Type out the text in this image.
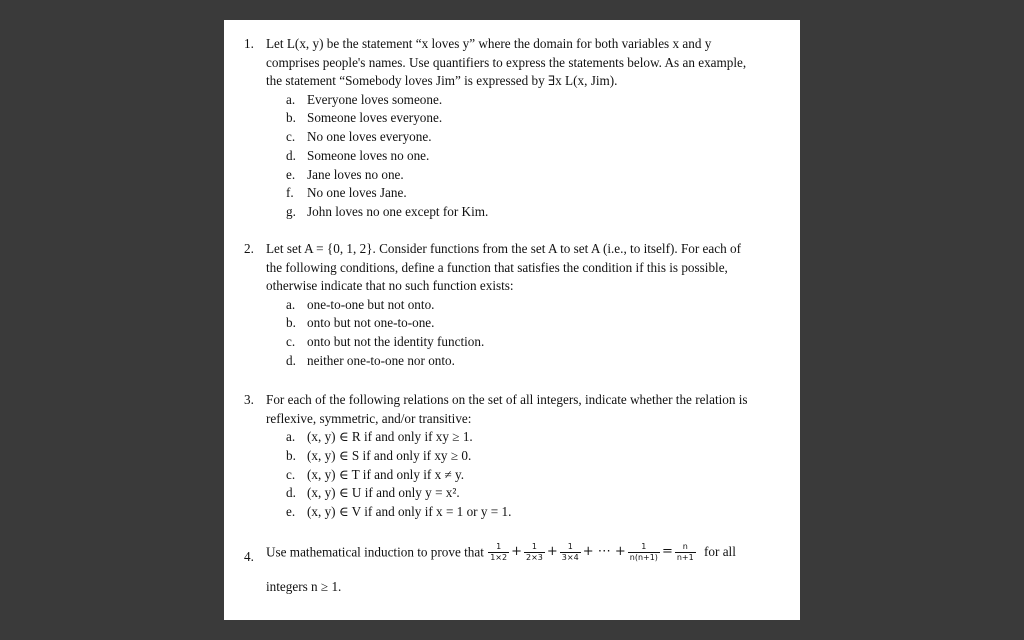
1. Let L(x, y) be the statement “x loves y” where the domain for both variables x and y
comprises people's names. Use quantifiers to express the statements below. As an example,
the statement “Somebody loves Jim” is expressed by ∃x L(x, Jim).
a. Everyone loves someone.
b. Someone loves everyone.
c. No one loves everyone.
d. Someone loves no one.
e. Jane loves no one.
f. No one loves Jane.
g. John loves no one except for Kim.
2. Let set A = {0, 1, 2}. Consider functions from the set A to set A (i.e., to itself). For each of
the following conditions, define a function that satisfies the condition if this is possible,
otherwise indicate that no such function exists:
a. one-to-one but not onto.
b. onto but not one-to-one.
c. onto but not the identity function.
d. neither one-to-one nor onto.
3. For each of the following relations on the set of all integers, indicate whether the relation is
reflexive, symmetric, and/or transitive:
a. (x, y) ∈ R if and only if xy ≥ 1.
b. (x, y) ∈ S if and only if xy ≥ 0.
c. (x, y) ∈ T if and only if x ≠ y.
d. (x, y) ∈ U if and only y = x².
e. (x, y) ∈ V if and only if x = 1 or y = 1.
4. Use mathematical induction to prove that $\frac{1}{1\times 2} + \frac{1}{2\times 3} + \frac{1}{3\times 4}$ + ⋯ + $\frac{1}{n(n+1)} = \frac{n}{n+1}$ for all
integers n ≥ 1.
